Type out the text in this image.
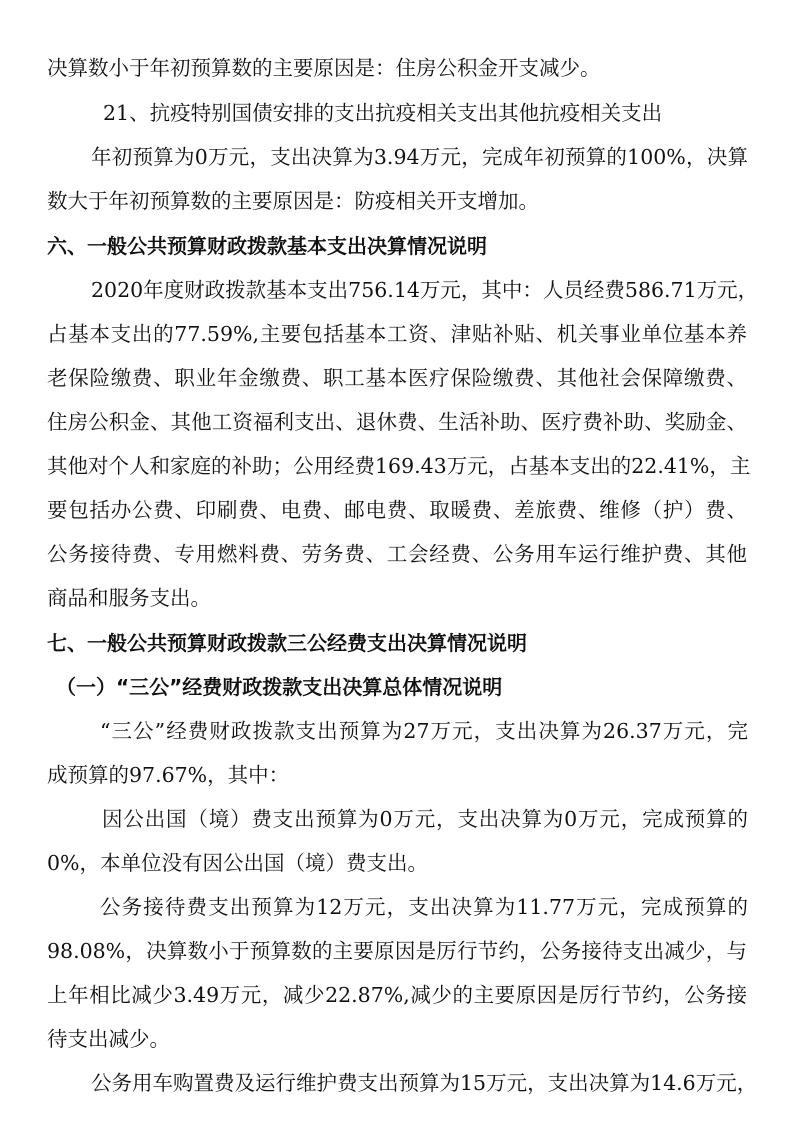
决算数小于年初预算数的主要原因是：住房公积金开支减少。
21、抗疫特别国债安排的支出抗疫相关支出其他抗疫相关支出
年初预算为0万元，支出决算为3.94万元，完成年初预算的100%，决算
数大于年初预算数的主要原因是：防疫相关开支增加。
六、一般公共预算财政拨款基本支出决算情况说明
2020年度财政拨款基本支出756.14万元，其中：人员经费586.71万元，
占基本支出的77.59%,主要包括基本工资、津贴补贴、机关事业单位基本养
老保险缴费、职业年金缴费、职工基本医疗保险缴费、其他社会保障缴费、
住房公积金、其他工资福利支出、退休费、生活补助、医疗费补助、奖励金、
其他对个人和家庭的补助；公用经费169.43万元，占基本支出的22.41%，主
要包括办公费、印刷费、电费、邮电费、取暖费、差旅费、维修（护）费、
公务接待费、专用燃料费、劳务费、工会经费、公务用车运行维护费、其他
商品和服务支出。
七、一般公共预算财政拨款三公经费支出决算情况说明
（一）“三公”经费财政拨款支出决算总体情况说明
“三公”经费财政拨款支出预算为27万元，支出决算为26.37万元，完
成预算的97.67%，其中：
因公出国（境）费支出预算为0万元，支出决算为0万元，完成预算的
0%，本单位没有因公出国（境）费支出。
公务接待费支出预算为12万元，支出决算为11.77万元，完成预算的
98.08%，决算数小于预算数的主要原因是厉行节约，公务接待支出减少，与
上年相比减少3.49万元，减少22.87%,减少的主要原因是厉行节约，公务接
待支出减少。
公务用车购置费及运行维护费支出预算为15万元，支出决算为14.6万元，
